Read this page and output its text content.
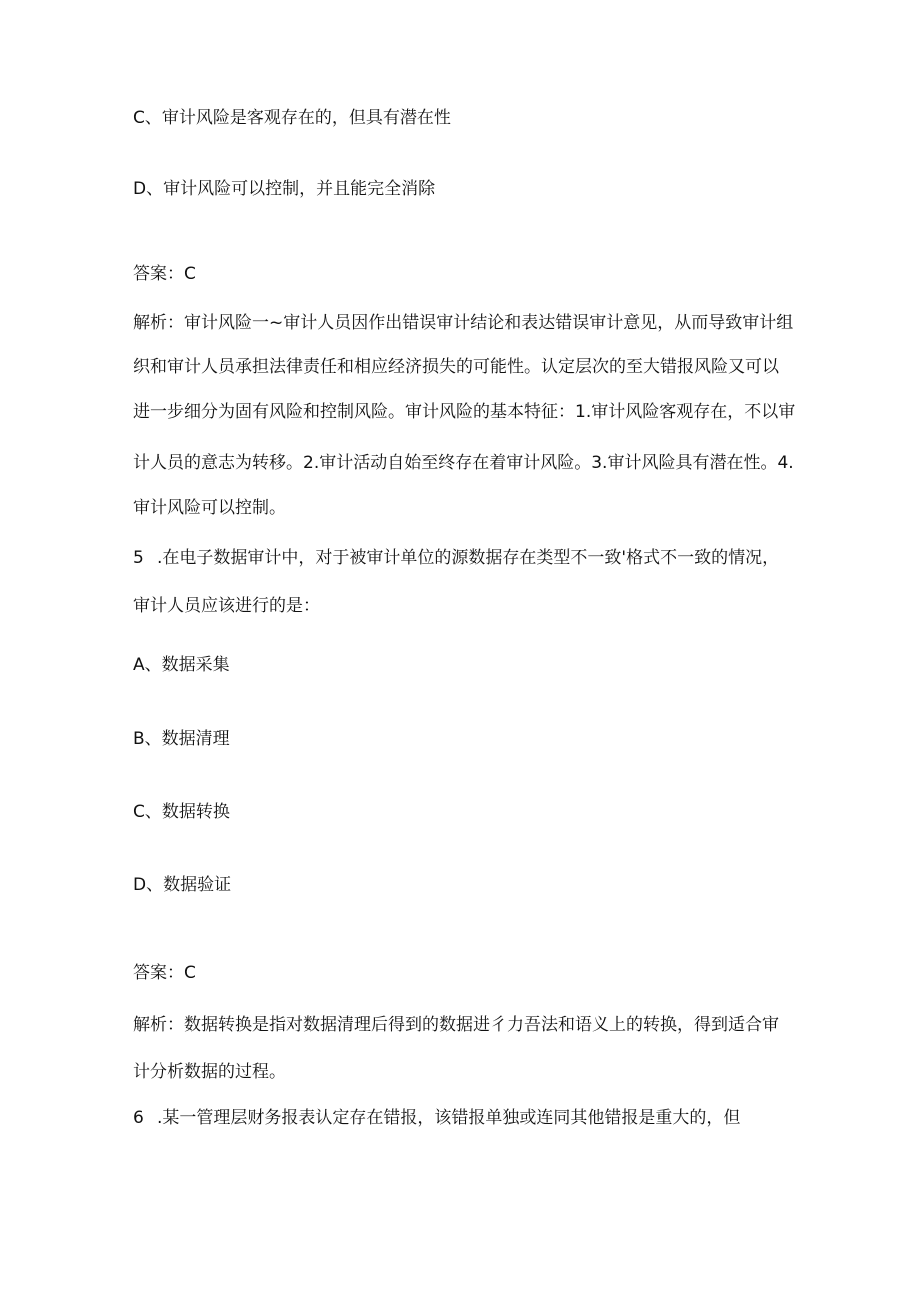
C、审计风险是客观存在的，但具有潜在性
D、审计风险可以控制，并且能完全消除
答案：C
解析：审计风险一~审计人员因作出错误审计结论和表达错误审计意见，从而导致审计组
织和审计人员承担法律责任和相应经济损失的可能性。认定层次的至大错报风险又可以
进一步细分为固有风险和控制风险。审计风险的基本特征：1.审计风险客观存在，不以审
计人员的意志为转移。2.审计活动自始至终存在着审计风险。3.审计风险具有潜在性。4.
审计风险可以控制。
5 .在电子数据审计中，对于被审计单位的源数据存在类型不一致'格式不一致的情况，
审计人员应该进行的是：
A、数据采集
B、数据清理
C、数据转换
D、数据验证
答案：C
解析：数据转换是指对数据清理后得到的数据进彳力吾法和语义上的转换，得到适合审
计分析数据的过程。
6 .某一管理层财务报表认定存在错报，该错报单独或连同其他错报是重大的，但
